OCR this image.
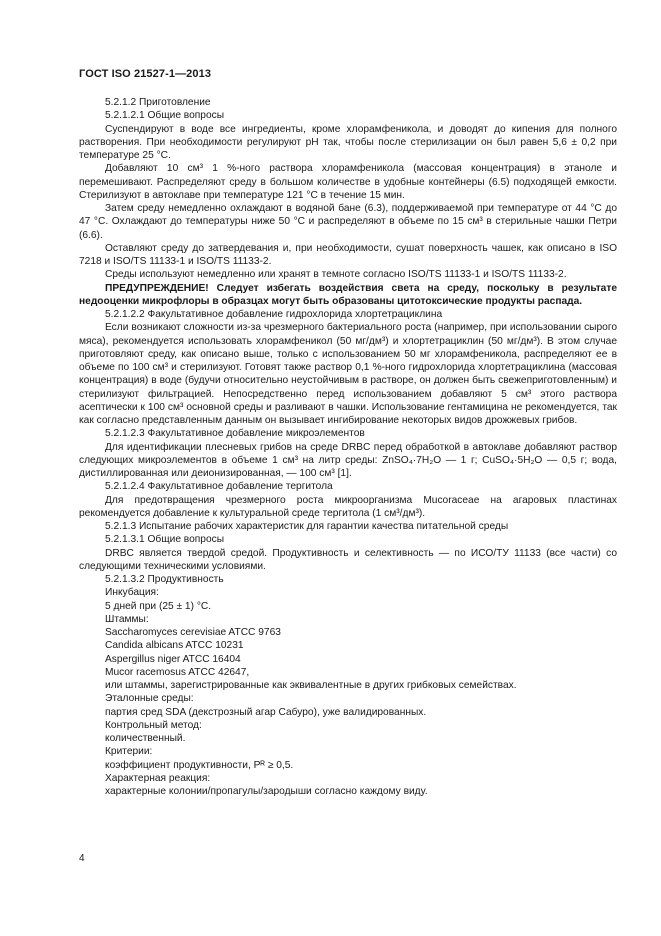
ГОСТ ISO 21527-1—2013

5.2.1.2 Приготовление

5.2.1.2.1 Общие вопросы

Суспендируют в воде все ингредиенты, кроме хлорамфеникола, и доводят до кипения для полного растворения. При необходимости регулируют pH так, чтобы после стерилизации он был равен 5,6 ± 0,2 при температуре 25 °С.

Добавляют 10 см³ 1 %-ного раствора хлорамфеникола (массовая концентрация) в этаноле и перемешивают. Распределяют среду в большом количестве в удобные контейнеры (6.5) подходящей емкости. Стерилизуют в автоклаве при температуре 121 °С в течение 15 мин.

Затем среду немедленно охлаждают в водяной бане (6.3), поддерживаемой при температуре от 44 °С до 47 °С. Охлаждают до температуры ниже 50 °С и распределяют в объеме по 15 см³ в стерильные чашки Петри (6.6).

Оставляют среду до затвердевания и, при необходимости, сушат поверхность чашек, как описано в ISO 7218 и ISO/TS 11133-1 и ISO/TS 11133-2.

Среды используют немедленно или хранят в темноте согласно ISO/TS 11133-1 и ISO/TS 11133-2.

ПРЕДУПРЕЖДЕНИЕ! Следует избегать воздействия света на среду, поскольку в результате недооценки микрофлоры в образцах могут быть образованы цитотоксические продукты распада.

5.2.1.2.2 Факультативное добавление гидрохлорида хлортетрациклина

Если возникают сложности из-за чрезмерного бактериального роста (например, при использовании сырого мяса), рекомендуется использовать хлорамфеникол (50 мг/дм³) и хлортетрациклин (50 мг/дм³). В этом случае приготовляют среду, как описано выше, только с использованием 50 мг хлорамфеникола, распределяют ее в объеме по 100 см³ и стерилизуют. Готовят также раствор 0,1 %-ного гидрохлорида хлортетрациклина (массовая концентрация) в воде (будучи относительно неустойчивым в растворе, он должен быть свежеприготовленным) и стерилизуют фильтрацией. Непосредственно перед использованием добавляют 5 см³ этого раствора асептически к 100 см³ основной среды и разливают в чашки. Использование гентамицина не рекомендуется, так как согласно представленным данным он вызывает ингибирование некоторых видов дрожжевых грибов.

5.2.1.2.3 Факультативное добавление микроэлементов

Для идентификации плесневых грибов на среде DRBC перед обработкой в автоклаве добавляют раствор следующих микроэлементов в объеме 1 см³ на литр среды: ZnSO₄·7H₂O — 1 г; CuSO₄·5H₂O — 0,5 г; вода, дистиллированная или деионизированная, — 100 см³ [1].

5.2.1.2.4 Факультативное добавление тергитола

Для предотвращения чрезмерного роста микроорганизма Mucoraceae на агаровых пластинах рекомендуется добавление к культуральной среде тергитола (1 см³/дм³).

5.2.1.3 Испытание рабочих характеристик для гарантии качества питательной среды

5.2.1.3.1 Общие вопросы

DRBC является твердой средой. Продуктивность и селективность — по ИСО/ТУ 11133 (все части) со следующими техническими условиями.

5.2.1.3.2 Продуктивность

Инкубация:

5 дней при (25 ± 1) °С.

Штаммы:

Saccharomyces cerevisiae ATCC 9763

Candida albicans ATCC 10231

Aspergillus niger ATCC 16404

Mucor racemosus ATCC 42647,

или штаммы, зарегистрированные как эквивалентные в других грибковых семействах.

Эталонные среды:

партия сред SDA (декстрозный агар Сабуро), уже валидированных.

Контрольный метод:

количественный.

Критерии:

коэффициент продуктивности, Pᴿ ≥ 0,5.

Характерная реакция:

характерные колонии/пропагулы/зародыши согласно каждому виду.

4
